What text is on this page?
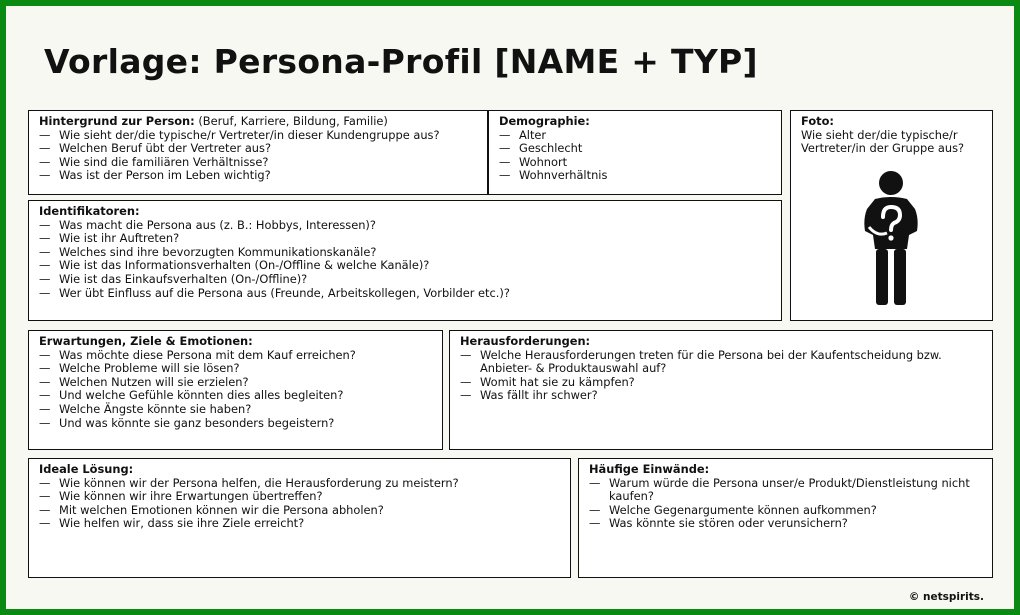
Vorlage: Persona-Profil [NAME + TYP]
Hintergrund zur Person: (Beruf, Karriere, Bildung, Familie)
— Wie sieht der/die typische/r Vertreter/in dieser Kundengruppe aus?
— Welchen Beruf übt der Vertreter aus?
— Wie sind die familiären Verhältnisse?
— Was ist der Person im Leben wichtig?
Demographie:
— Alter
— Geschlecht
— Wohnort
— Wohnverhältnis
Foto:
Wie sieht der/die typische/r Vertreter/in der Gruppe aus?
Identifikatoren:
— Was macht die Persona aus (z. B.: Hobbys, Interessen)?
— Wie ist ihr Auftreten?
— Welches sind ihre bevorzugten Kommunikationskanäle?
— Wie ist das Informationsverhalten (On-/Offline & welche Kanäle)?
— Wie ist das Einkaufsverhalten (On-/Offline)?
— Wer übt Einfluss auf die Persona aus (Freunde, Arbeitskollegen, Vorbilder etc.)?
Erwartungen, Ziele & Emotionen:
— Was möchte diese Persona mit dem Kauf erreichen?
— Welche Probleme will sie lösen?
— Welchen Nutzen will sie erzielen?
— Und welche Gefühle könnten dies alles begleiten?
— Welche Ängste könnte sie haben?
— Und was könnte sie ganz besonders begeistern?
Herausforderungen:
— Welche Herausforderungen treten für die Persona bei der Kaufentscheidung bzw. Anbieter- & Produktauswahl auf?
— Womit hat sie zu kämpfen?
— Was fällt ihr schwer?
Ideale Lösung:
— Wie können wir der Persona helfen, die Herausforderung zu meistern?
— Wie können wir ihre Erwartungen übertreffen?
— Mit welchen Emotionen können wir die Persona abholen?
— Wie helfen wir, dass sie ihre Ziele erreicht?
Häufige Einwände:
— Warum würde die Persona unser/e Produkt/Dienstleistung nicht kaufen?
— Welche Gegenargumente können aufkommen?
— Was könnte sie stören oder verunsichern?
© netspirits.
